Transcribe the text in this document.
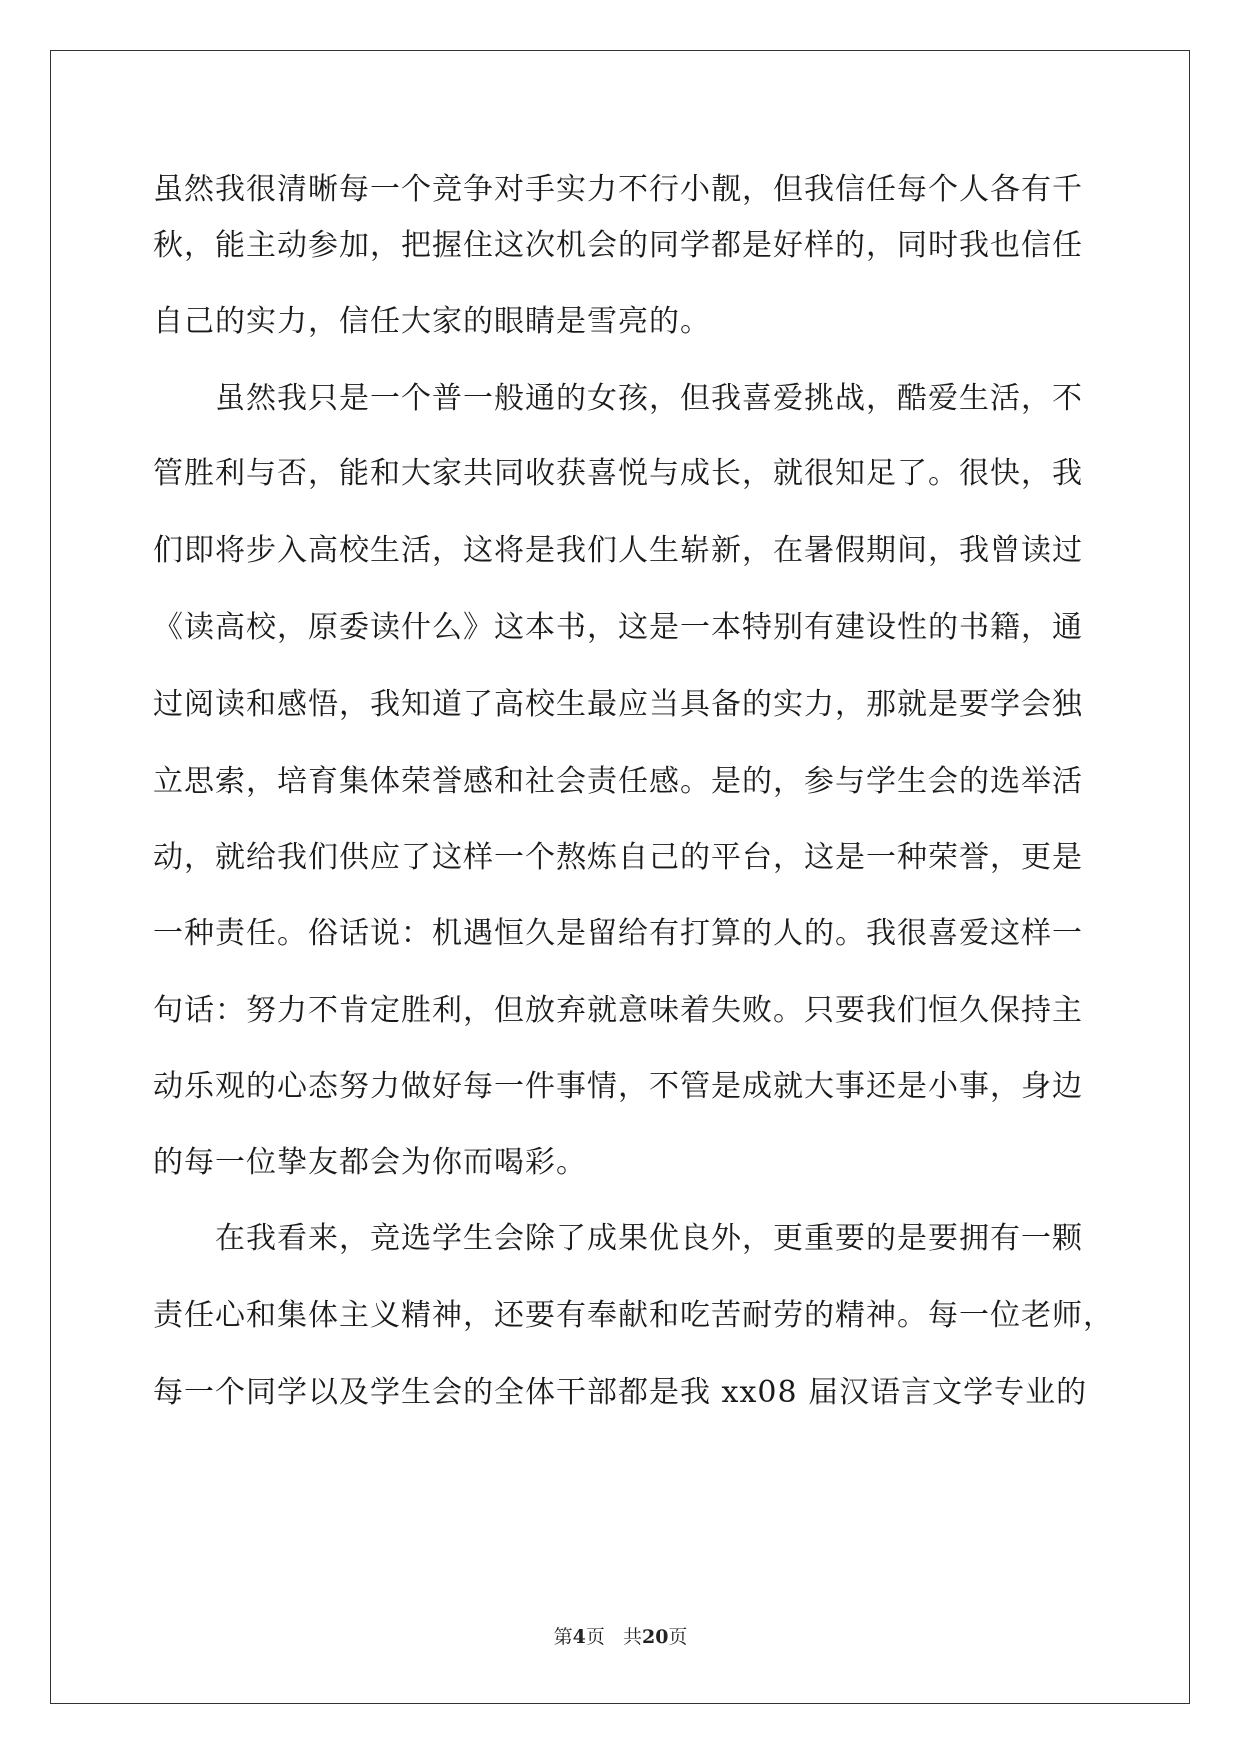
虽然我很清晰每一个竞争对手实力不行小靓，但我信任每个人各有千
秋，能主动参加，把握住这次机会的同学都是好样的，同时我也信任
自己的实力，信任大家的眼睛是雪亮的。
　　虽然我只是一个普一般通的女孩，但我喜爱挑战，酷爱生活，不
管胜利与否，能和大家共同收获喜悦与成长，就很知足了。很快，我
们即将步入高校生活，这将是我们人生崭新，在暑假期间，我曾读过
《读高校，原委读什么》这本书，这是一本特别有建设性的书籍，通
过阅读和感悟，我知道了高校生最应当具备的实力，那就是要学会独
立思索，培育集体荣誉感和社会责任感。是的，参与学生会的选举活
动，就给我们供应了这样一个熬炼自己的平台，这是一种荣誉，更是
一种责任。俗话说：机遇恒久是留给有打算的人的。我很喜爱这样一
句话：努力不肯定胜利，但放弃就意味着失败。只要我们恒久保持主
动乐观的心态努力做好每一件事情，不管是成就大事还是小事，身边
的每一位挚友都会为你而喝彩。
　　在我看来，竞选学生会除了成果优良外，更重要的是要拥有一颗
责任心和集体主义精神，还要有奉献和吃苦耐劳的精神。每一位老师，
每一个同学以及学生会的全体干部都是我 xx08 届汉语言文学专业的
第4页 共20页
